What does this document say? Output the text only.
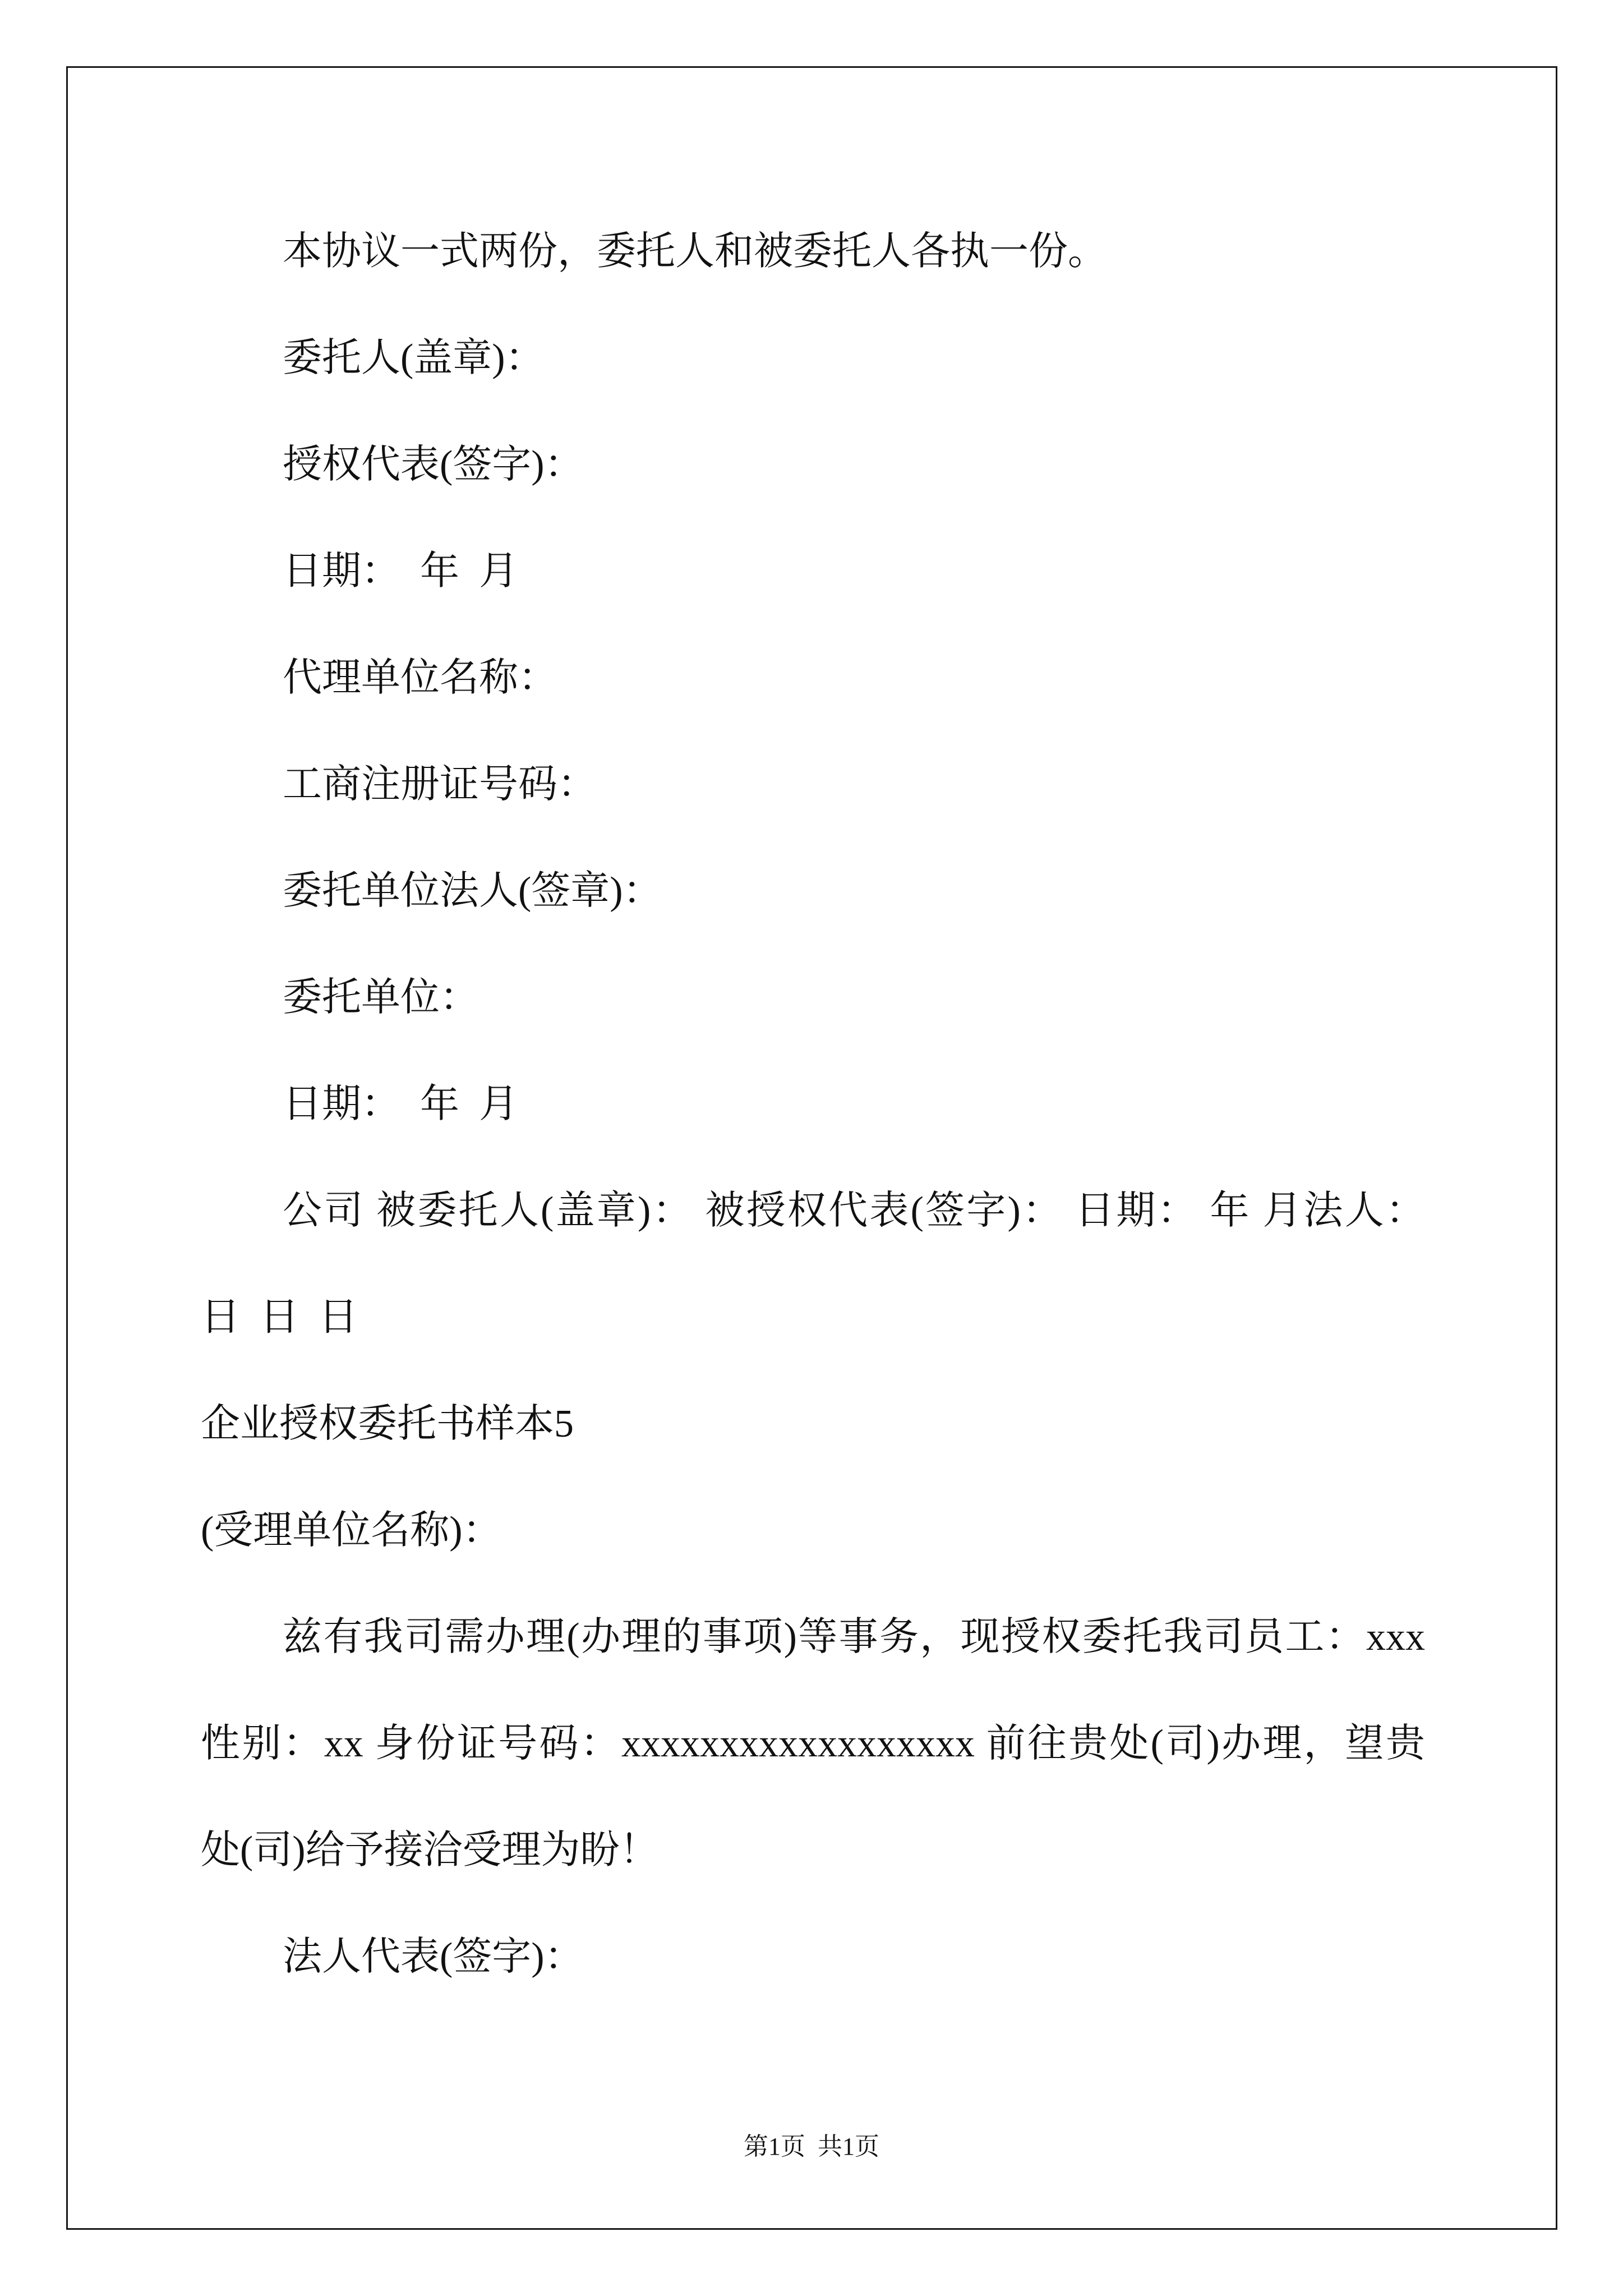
本协议一式两份，委托人和被委托人各执一份。
委托人(盖章)：
授权代表(签字)：
日期：  年  月
代理单位名称：
工商注册证号码：
委托单位法人(签章)：
委托单位：
日期：  年  月
公司 被委托人(盖章)： 被授权代表(签字)： 日期： 年 月法人：
日  日  日
企业授权委托书样本5
(受理单位名称)：
兹有我司需办理(办理的事项)等事务，现授权委托我司员工：xxx
性别：xx 身份证号码：xxxxxxxxxxxxxxxxxx 前往贵处(司)办理，望贵
处(司)给予接洽受理为盼！
法人代表(签字)：
第1页  共1页
